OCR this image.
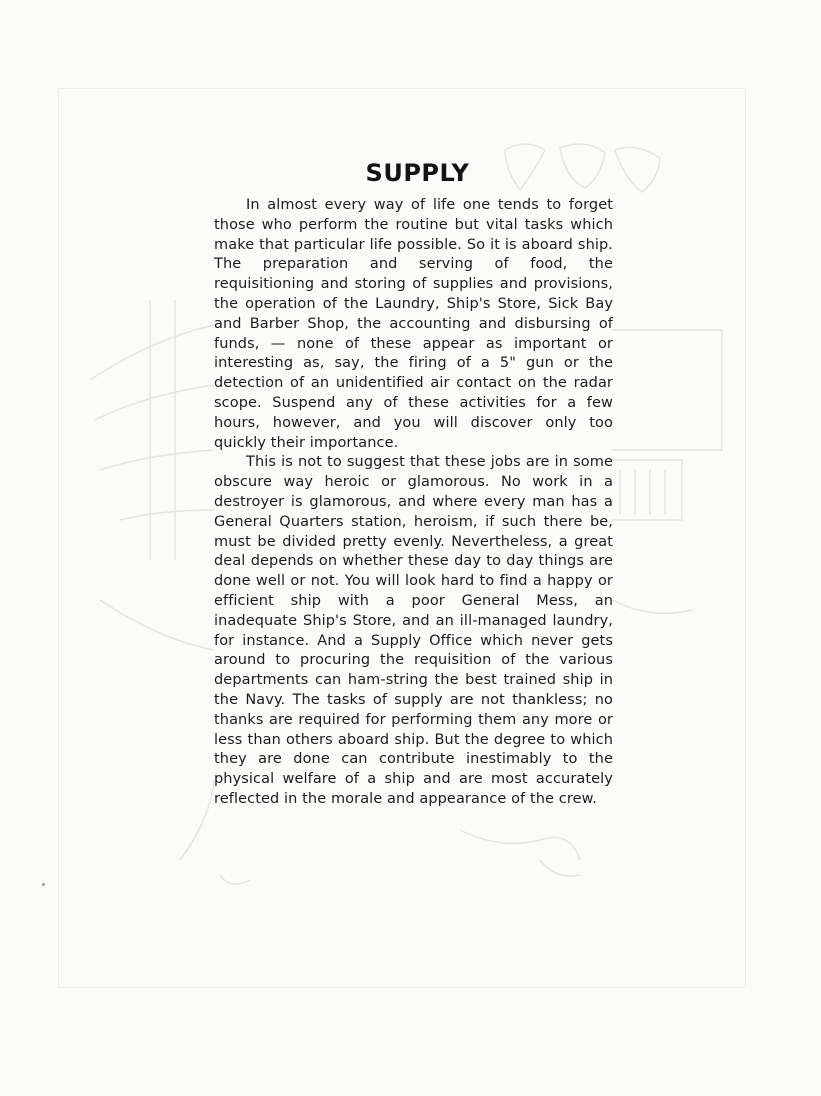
SUPPLY

In almost every way of life one tends to forget those who perform the routine but vital tasks which make that particular life possible. So it is aboard ship. The preparation and serving of food, the requisitioning and storing of supplies and provisions, the operation of the Laundry, Ship's Store, Sick Bay and Barber Shop, the accounting and disbursing of funds, — none of these appear as important or interesting as, say, the firing of a 5" gun or the detection of an unidentified air contact on the radar scope. Suspend any of these activities for a few hours, however, and you will discover only too quickly their importance.

This is not to suggest that these jobs are in some obscure way heroic or glamorous. No work in a destroyer is glamorous, and where every man has a General Quarters station, heroism, if such there be, must be divided pretty evenly. Nevertheless, a great deal depends on whether these day to day things are done well or not. You will look hard to find a happy or efficient ship with a poor General Mess, an inadequate Ship's Store, and an ill-managed laundry, for instance. And a Supply Office which never gets around to procuring the requisition of the various departments can ham-string the best trained ship in the Navy. The tasks of supply are not thankless; no thanks are required for performing them any more or less than others aboard ship. But the degree to which they are done can contribute inestimably to the physical welfare of a ship and are most accurately reflected in the morale and appearance of the crew.
